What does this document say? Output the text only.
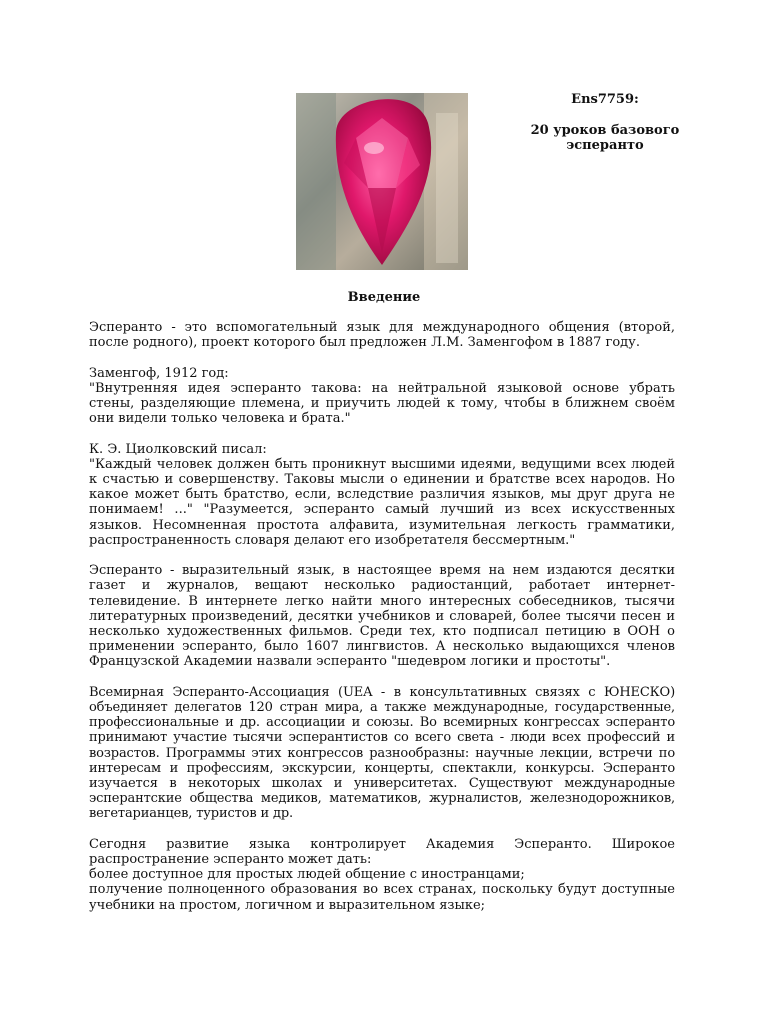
Ens7759:
20 уроков базового эсперанто
Введение

Эсперанто - это вспомогательный язык для международного общения (второй, после родного), проект которого был предложен Л.М. Заменгофом в 1887 году.

Заменгоф, 1912 год:
"Внутренняя идея эсперанто такова: на нейтральной языковой основе убрать стены, разделяющие племена, и приучить людей к тому, чтобы в ближнем своём они видели только человека и брата."
К. Э. Циолковский писал:
"Каждый человек должен быть проникнут высшими идеями, ведущими всех людей к счастью и совершенству. Таковы мысли о единении и братстве всех народов. Но какое может быть братство, если, вследствие различия языков, мы друг друга не понимаем! ..." "Разумеется, эсперанто самый лучший из всех искусственных языков. Несомненная простота алфавита, изумительная легкость грамматики, распространенность словаря делают его изобретателя бессмертным."

Эсперанто - выразительный язык, в настоящее время на нем издаются десятки газет и журналов, вещают несколько радиостанций, работает интернет-телевидение. В интернете легко найти много интересных собеседников, тысячи литературных произведений, десятки учебников и словарей, более тысячи песен и несколько художественных фильмов. Среди тех, кто подписал петицию в ООН о применении эсперанто, было 1607 лингвистов. А несколько выдающихся членов Французской Академии назвали эсперанто "шедевром логики и простоты".

Всемирная Эсперанто-Ассоциация (UEA - в консультативных связях с ЮНЕСКО) объединяет делегатов 120 стран мира, а также международные, государственные, профессиональные и др. ассоциации и союзы. Во всемирных конгрессах эсперанто принимают участие тысячи эсперантистов со всего света - люди всех профессий и возрастов. Программы этих конгрессов разнообразны: научные лекции, встречи по интересам и профессиям, экскурсии, концерты, спектакли, конкурсы. Эсперанто изучается в некоторых школах и университетах. Существуют международные эсперантские общества медиков, математиков, журналистов, железнодорожников, вегетарианцев, туристов и др.

Сегодня развитие языка контролирует Академия Эсперанто. Широкое распространение эсперанто может дать:
более доступное для простых людей общение с иностранцами;
получение полноценного образования во всех странах, поскольку будут доступные учебники на простом, логичном и выразительном языке;
